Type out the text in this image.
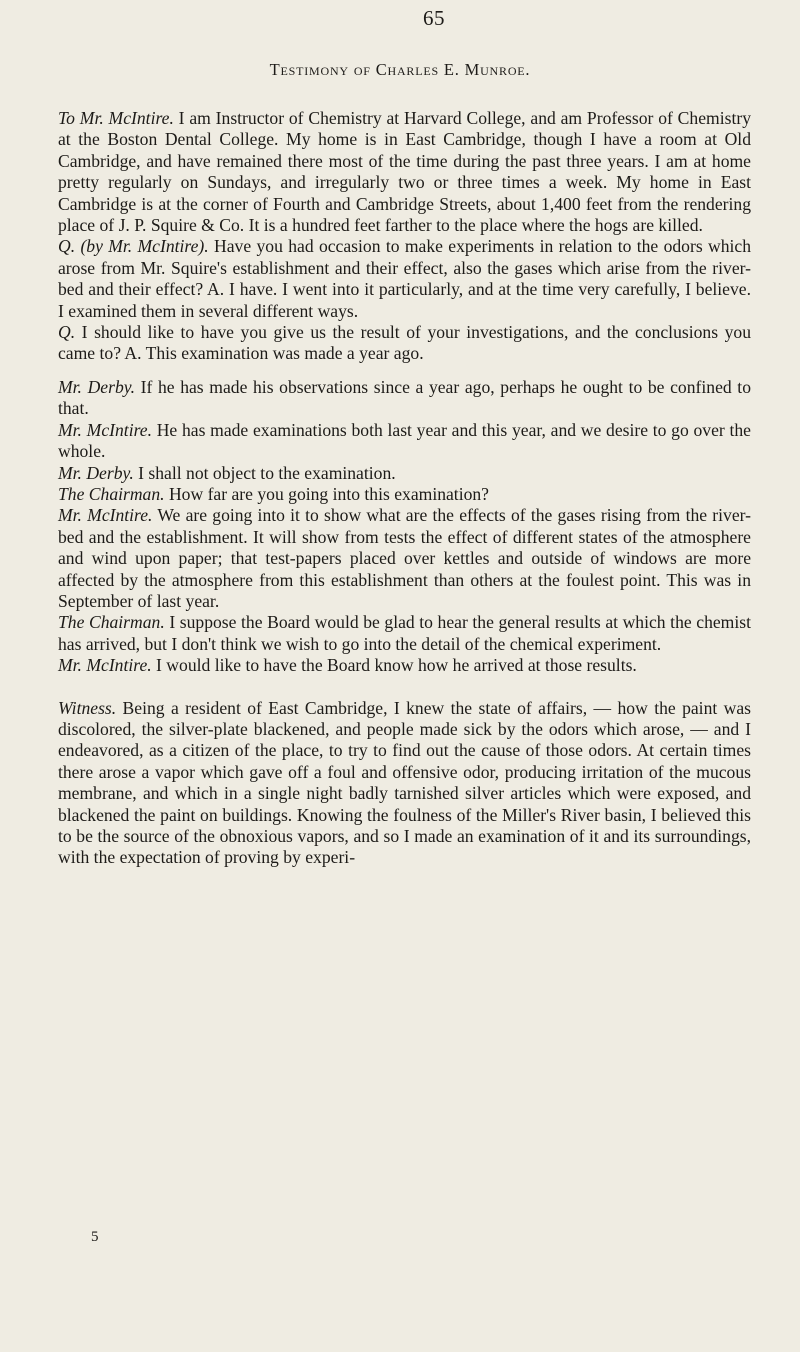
65
Testimony of Charles E. Munroe.

To Mr. McIntire. I am Instructor of Chemistry at Harvard College, and am Professor of Chemistry at the Boston Dental College. My home is in East Cambridge, though I have a room at Old Cambridge, and have remained there most of the time during the past three years. I am at home pretty regularly on Sundays, and irregularly two or three times a week. My home in East Cambridge is at the corner of Fourth and Cambridge Streets, about 1,400 feet from the rendering place of J. P. Squire & Co. It is a hundred feet farther to the place where the hogs are killed.

Q. (by Mr. McIntire). Have you had occasion to make experiments in relation to the odors which arose from Mr. Squire's establishment and their effect, also the gases which arise from the river-bed and their effect? A. I have. I went into it particularly, and at the time very carefully, I believe. I examined them in several different ways.

Q. I should like to have you give us the result of your investigations, and the conclusions you came to? A. This examination was made a year ago.

Mr. Derby. If he has made his observations since a year ago, perhaps he ought to be confined to that.

Mr. McIntire. He has made examinations both last year and this year, and we desire to go over the whole.

Mr. Derby. I shall not object to the examination.

The Chairman. How far are you going into this examination?

Mr. McIntire. We are going into it to show what are the effects of the gases rising from the river-bed and the establishment. It will show from tests the effect of different states of the atmosphere and wind upon paper; that test-papers placed over kettles and outside of windows are more affected by the atmosphere from this establishment than others at the foulest point. This was in September of last year.

The Chairman. I suppose the Board would be glad to hear the general results at which the chemist has arrived, but I don't think we wish to go into the detail of the chemical experiment.

Mr. McIntire. I would like to have the Board know how he arrived at those results.

Witness. Being a resident of East Cambridge, I knew the state of affairs, — how the paint was discolored, the silver-plate blackened, and people made sick by the odors which arose, — and I endeavored, as a citizen of the place, to try to find out the cause of those odors. At certain times there arose a vapor which gave off a foul and offensive odor, producing irritation of the mucous membrane, and which in a single night badly tarnished silver articles which were exposed, and blackened the paint on buildings. Knowing the foulness of the Miller's River basin, I believed this to be the source of the obnoxious vapors, and so I made an examination of it and its surroundings, with the expectation of proving by experi-

5
